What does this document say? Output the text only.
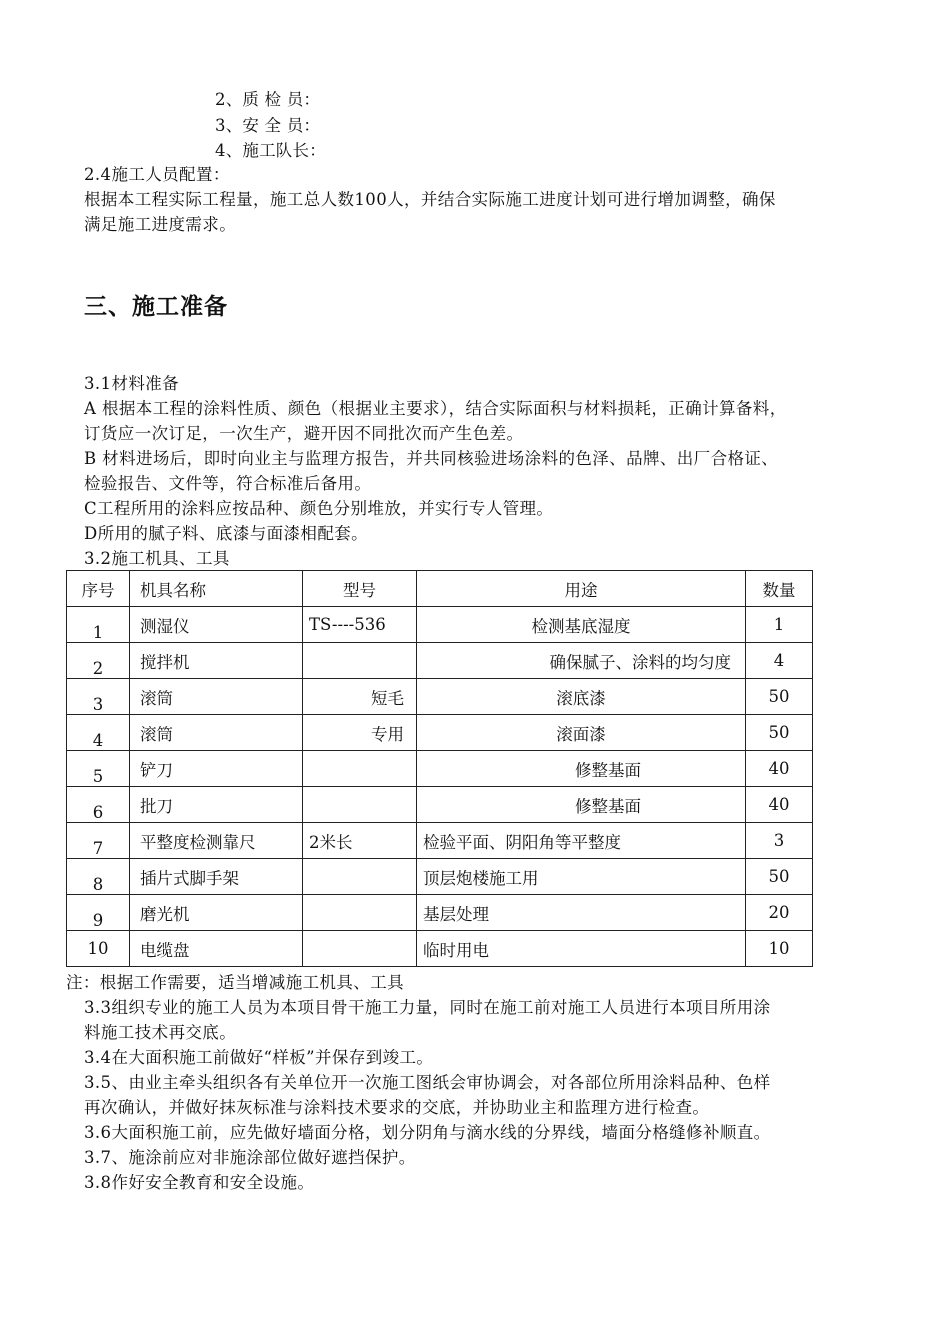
2、质 检 员：
3、安 全 员：
4、施工队长：
2.4施工人员配置：
根据本工程实际工程量，施工总人数100人，并结合实际施工进度计划可进行增加调整，确保
满足施工进度需求。
三、施工准备
3.1材料准备
A 根据本工程的涂料性质、颜色（根据业主要求），结合实际面积与材料损耗，正确计算备料，
订货应一次订足，一次生产，避开因不同批次而产生色差。
B 材料进场后，即时向业主与监理方报告，并共同核验进场涂料的色泽、品牌、出厂合格证、
检验报告、文件等，符合标准后备用。
C工程所用的涂料应按品种、颜色分别堆放，并实行专人管理。
D所用的腻子料、底漆与面漆相配套。
3.2施工机具、工具
序号	机具名称	型号	用途	数量
1	测湿仪	TS----536	检测基底湿度	1
2	搅拌机		确保腻子、涂料的均匀度	4
3	滚筒	短毛	滚底漆	50
4	滚筒	专用	滚面漆	50
5	铲刀		修整基面	40
6	批刀		修整基面	40
7	平整度检测靠尺	2米长	检验平面、阴阳角等平整度	3
8	插片式脚手架		顶层炮楼施工用	50
9	磨光机		基层处理	20
10	电缆盘		临时用电	10
注：根据工作需要，适当增减施工机具、工具
3.3组织专业的施工人员为本项目骨干施工力量，同时在施工前对施工人员进行本项目所用涂
料施工技术再交底。
3.4在大面积施工前做好“样板”并保存到竣工。
3.5、由业主牵头组织各有关单位开一次施工图纸会审协调会，对各部位所用涂料品种、色样
再次确认，并做好抹灰标准与涂料技术要求的交底，并协助业主和监理方进行检查。
3.6大面积施工前，应先做好墙面分格，划分阴角与滴水线的分界线，墙面分格缝修补顺直。
3.7、施涂前应对非施涂部位做好遮挡保护。
3.8作好安全教育和安全设施。
